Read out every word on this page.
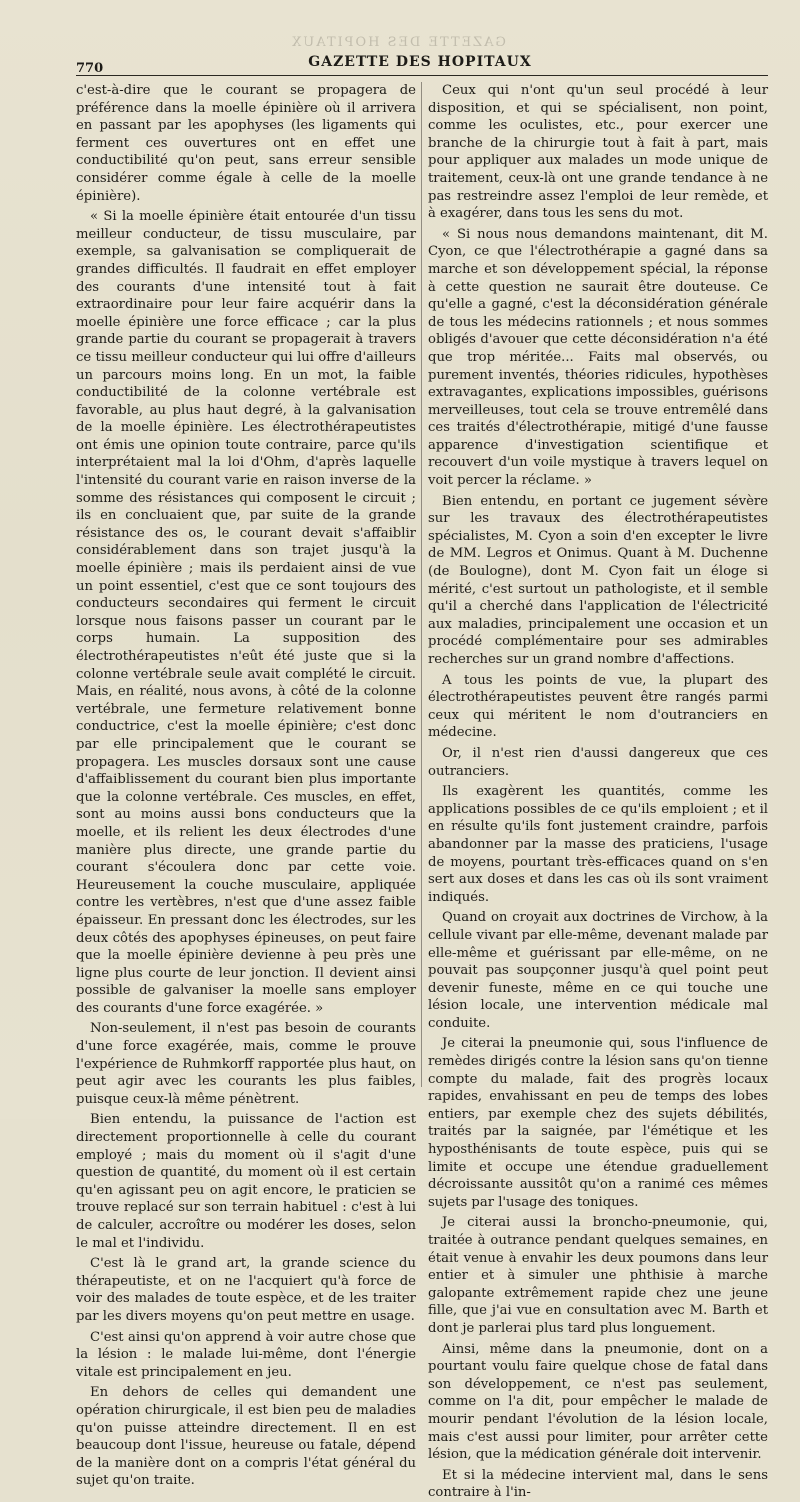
GAZETTE DES HOPITAUX
770	GAZETTE DES HOPITAUX

c'est-à-dire que le courant se propagera de préférence dans la moelle épinière où il arrivera en passant par les apophyses (les ligaments qui ferment ces ouvertures ont en effet une conductibilité qu'on peut, sans erreur sensible considérer comme égale à celle de la moelle épinière).

« Si la moelle épinière était entourée d'un tissu meilleur conducteur, de tissu musculaire, par exemple, sa galvanisation se compliquerait de grandes difficultés. Il faudrait en effet employer des courants d'une intensité tout à fait extraordinaire pour leur faire acquérir dans la moelle épinière une force efficace ; car la plus grande partie du courant se propagerait à travers ce tissu meilleur conducteur qui lui offre d'ailleurs un parcours moins long. En un mot, la faible conductibilité de la colonne vertébrale est favorable, au plus haut degré, à la galvanisation de la moelle épinière. Les électrothérapeutistes ont émis une opinion toute contraire, parce qu'ils interprétaient mal la loi d'Ohm, d'après laquelle l'intensité du courant varie en raison inverse de la somme des résistances qui composent le circuit ; ils en concluaient que, par suite de la grande résistance des os, le courant devait s'affaiblir considérablement dans son trajet jusqu'à la moelle épinière ; mais ils perdaient ainsi de vue un point essentiel, c'est que ce sont toujours des conducteurs secondaires qui ferment le circuit lorsque nous faisons passer un courant par le corps humain. La supposition des électrothérapeutistes n'eût été juste que si la colonne vertébrale seule avait complété le circuit. Mais, en réalité, nous avons, à côté de la colonne vertébrale, une fermeture relativement bonne conductrice, c'est la moelle épinière; c'est donc par elle principalement que le courant se propagera. Les muscles dorsaux sont une cause d'affaiblissement du courant bien plus importante que la colonne vertébrale. Ces muscles, en effet, sont au moins aussi bons conducteurs que la moelle, et ils relient les deux électrodes d'une manière plus directe, une grande partie du courant s'écoulera donc par cette voie. Heureusement la couche musculaire, appliquée contre les vertèbres, n'est que d'une assez faible épaisseur. En pressant donc les électrodes, sur les deux côtés des apophyses épineuses, on peut faire que la moelle épinière devienne à peu près une ligne plus courte de leur jonction. Il devient ainsi possible de galvaniser la moelle sans employer des courants d'une force exagérée. »

Non-seulement, il n'est pas besoin de courants d'une force exagérée, mais, comme le prouve l'expérience de Ruhmkorff rapportée plus haut, on peut agir avec les courants les plus faibles, puisque ceux-là même pénètrent.

Bien entendu, la puissance de l'action est directement proportionnelle à celle du courant employé ; mais du moment où il s'agit d'une question de quantité, du moment où il est certain qu'en agissant peu on agit encore, le praticien se trouve replacé sur son terrain habituel : c'est à lui de calculer, accroître ou modérer les doses, selon le mal et l'individu.

C'est là le grand art, la grande science du thérapeutiste, et on ne l'acquiert qu'à force de voir des malades de toute espèce, et de les traiter par les divers moyens qu'on peut mettre en usage.

C'est ainsi qu'on apprend à voir autre chose que la lésion : le malade lui-même, dont l'énergie vitale est principalement en jeu.

En dehors de celles qui demandent une opération chirurgicale, il est bien peu de maladies qu'on puisse atteindre directement. Il en est beaucoup dont l'issue, heureuse ou fatale, dépend de la manière dont on a compris l'état général du sujet qu'on traite.

Ceux qui n'ont qu'un seul procédé à leur disposition, et qui se spécialisent, non point, comme les oculistes, etc., pour exercer une branche de la chirurgie tout à fait à part, mais pour appliquer aux malades un mode unique de traitement, ceux-là ont une grande tendance à ne pas restreindre assez l'emploi de leur remède, et à exagérer, dans tous les sens du mot.

« Si nous nous demandons maintenant, dit M. Cyon, ce que l'électrothérapie a gagné dans sa marche et son développement spécial, la réponse à cette question ne saurait être douteuse. Ce qu'elle a gagné, c'est la déconsidération générale de tous les médecins rationnels ; et nous sommes obligés d'avouer que cette déconsidération n'a été que trop méritée... Faits mal observés, ou purement inventés, théories ridicules, hypothèses extravagantes, explications impossibles, guérisons merveilleuses, tout cela se trouve entremêlé dans ces traités d'électrothérapie, mitigé d'une fausse apparence d'investigation scientifique et recouvert d'un voile mystique à travers lequel on voit percer la réclame. »

Bien entendu, en portant ce jugement sévère sur les travaux des électrothérapeutistes spécialistes, M. Cyon a soin d'en excepter le livre de MM. Legros et Onimus. Quant à M. Duchenne (de Boulogne), dont M. Cyon fait un éloge si mérité, c'est surtout un pathologiste, et il semble qu'il a cherché dans l'application de l'électricité aux maladies, principalement une occasion et un procédé complémentaire pour ses admirables recherches sur un grand nombre d'affections.

A tous les points de vue, la plupart des électrothérapeutistes peuvent être rangés parmi ceux qui méritent le nom d'outranciers en médecine.

Or, il n'est rien d'aussi dangereux que ces outranciers.

Ils exagèrent les quantités, comme les applications possibles de ce qu'ils emploient ; et il en résulte qu'ils font justement craindre, parfois abandonner par la masse des praticiens, l'usage de moyens, pourtant très-efficaces quand on s'en sert aux doses et dans les cas où ils sont vraiment indiqués.

Quand on croyait aux doctrines de Virchow, à la cellule vivant par elle-même, devenant malade par elle-même et guérissant par elle-même, on ne pouvait pas soupçonner jusqu'à quel point peut devenir funeste, même en ce qui touche une lésion locale, une intervention médicale mal conduite.

Je citerai la pneumonie qui, sous l'influence de remèdes dirigés contre la lésion sans qu'on tienne compte du malade, fait des progrès locaux rapides, envahissant en peu de temps des lobes entiers, par exemple chez des sujets débilités, traités par la saignée, par l'émétique et les hyposthénisants de toute espèce, puis qui se limite et occupe une étendue graduellement décroissante aussitôt qu'on a ranimé ces mêmes sujets par l'usage des toniques.

Je citerai aussi la broncho-pneumonie, qui, traitée à outrance pendant quelques semaines, en était venue à envahir les deux poumons dans leur entier et à simuler une phthisie à marche galopante extrêmement rapide chez une jeune fille, que j'ai vue en consultation avec M. Barth et dont je parlerai plus tard plus longuement.

Ainsi, même dans la pneumonie, dont on a pourtant voulu faire quelque chose de fatal dans son développement, ce n'est pas seulement, comme on l'a dit, pour empêcher le malade de mourir pendant l'évolution de la lésion locale, mais c'est aussi pour limiter, pour arrêter cette lésion, que la médication générale doit intervenir.

Et si la médecine intervient mal, dans le sens contraire à l'in-
